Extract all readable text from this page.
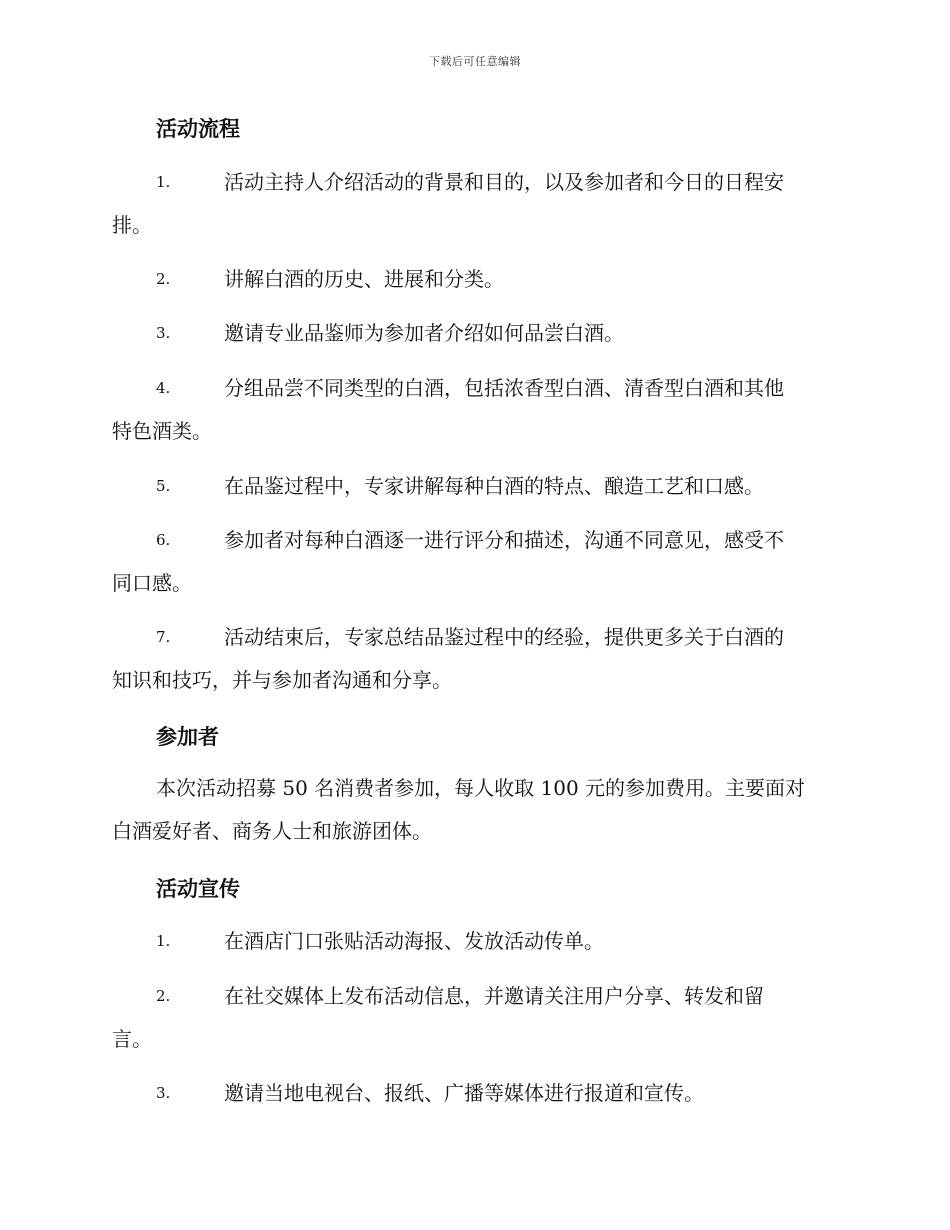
下载后可任意编辑
活动流程
1.	活动主持人介绍活动的背景和目的，以及参加者和今日的日程安
排。
2.	讲解白酒的历史、进展和分类。
3.	邀请专业品鉴师为参加者介绍如何品尝白酒。
4.	分组品尝不同类型的白酒，包括浓香型白酒、清香型白酒和其他
特色酒类。
5.	在品鉴过程中，专家讲解每种白酒的特点、酿造工艺和口感。
6.	参加者对每种白酒逐一进行评分和描述，沟通不同意见，感受不
同口感。
7.	活动结束后，专家总结品鉴过程中的经验，提供更多关于白酒的
知识和技巧，并与参加者沟通和分享。
参加者
本次活动招募 50 名消费者参加，每人收取 100 元的参加费用。主要面对
白酒爱好者、商务人士和旅游团体。
活动宣传
1.	在酒店门口张贴活动海报、发放活动传单。
2.	在社交媒体上发布活动信息，并邀请关注用户分享、转发和留
言。
3.	邀请当地电视台、报纸、广播等媒体进行报道和宣传。
